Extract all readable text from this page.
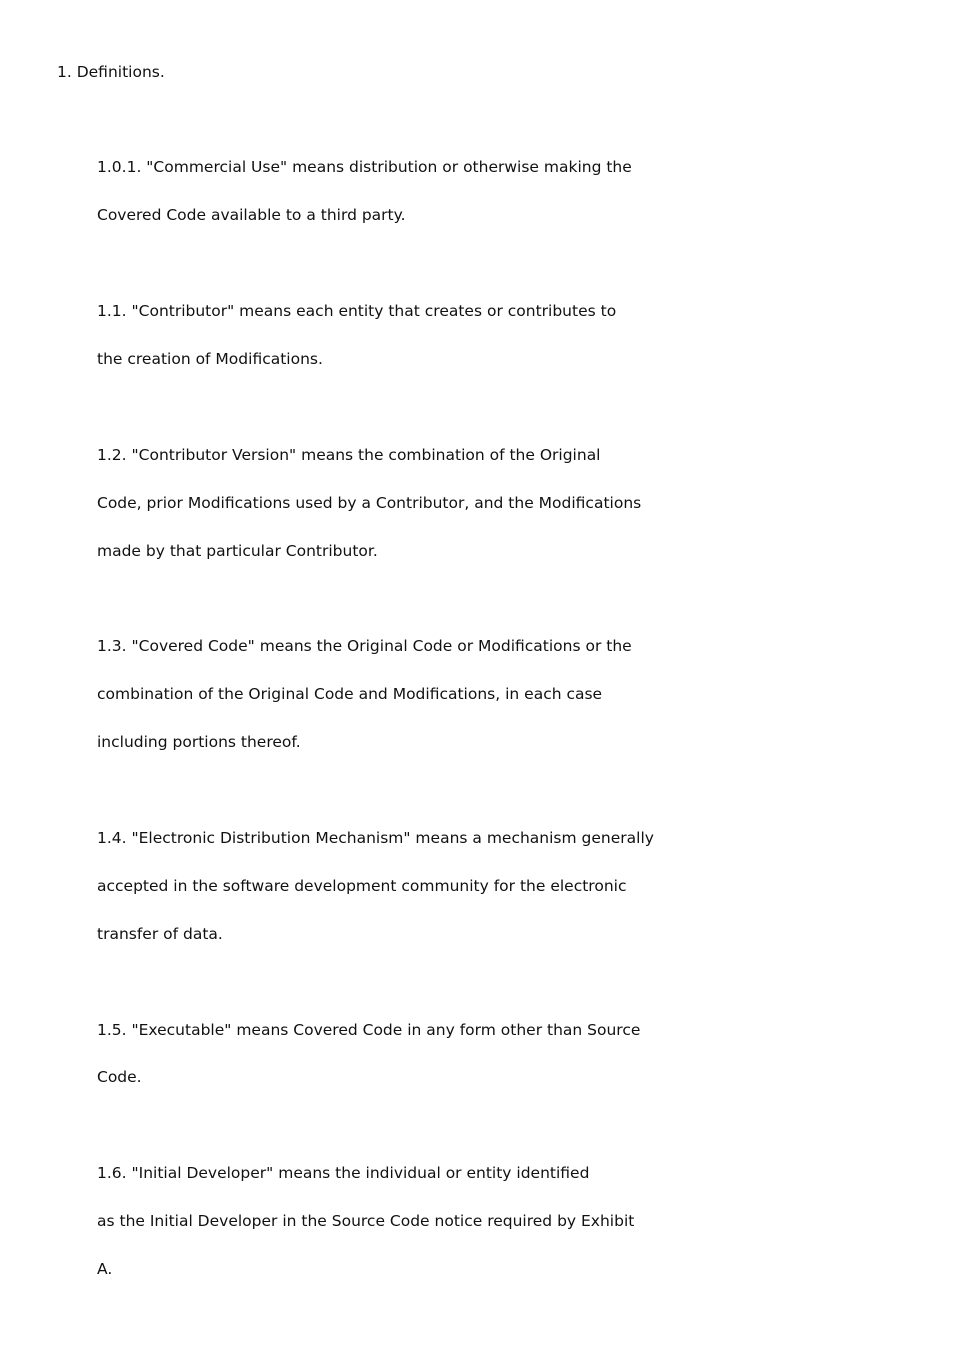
1. Definitions.
1.0.1. "Commercial Use" means distribution or otherwise making the
Covered Code available to a third party.
1.1. "Contributor" means each entity that creates or contributes to
the creation of Modifications.
1.2. "Contributor Version" means the combination of the Original
Code, prior Modifications used by a Contributor, and the Modifications
made by that particular Contributor.
1.3. "Covered Code" means the Original Code or Modifications or the
combination of the Original Code and Modifications, in each case
including portions thereof.
1.4. "Electronic Distribution Mechanism" means a mechanism generally
accepted in the software development community for the electronic
transfer of data.
1.5. "Executable" means Covered Code in any form other than Source
Code.
1.6. "Initial Developer" means the individual or entity identified
as the Initial Developer in the Source Code notice required by Exhibit
A.
